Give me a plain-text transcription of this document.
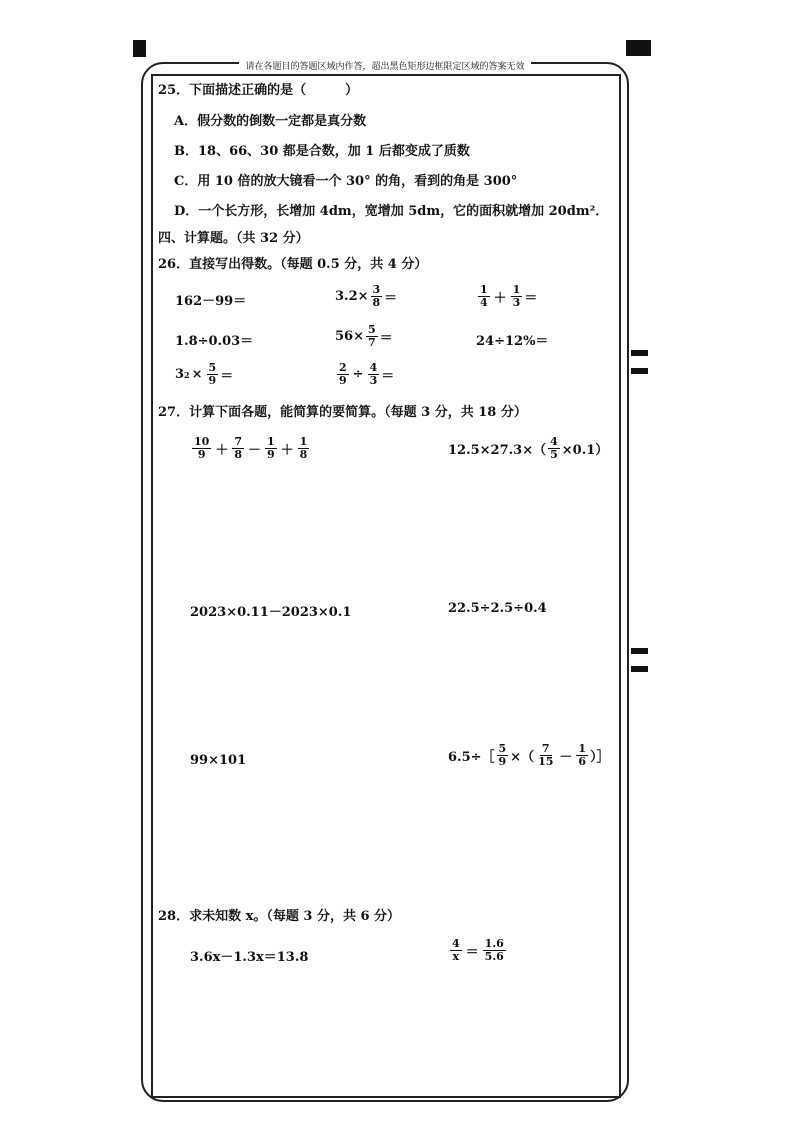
请在各题目的答题区域内作答，超出黑色矩形边框限定区域的答案无效
25．下面描述正确的是（　　　）
A．假分数的倒数一定都是真分数
B．18、66、30 都是合数，加 1 后都变成了质数
C．用 10 倍的放大镜看一个 30° 的角，看到的角是 300°
D．一个长方形，长增加 4dm，宽增加 5dm，它的面积就增加 20dm²．
四、计算题。（共 32 分）
26．直接写出得数。（每题 0.5 分，共 4 分）
162－99＝	$3.2\times \frac{3}{8}$ ＝	$\frac{1}{4} + \frac{1}{3}$ ＝
1.8÷0.03＝	$56\times \frac{5}{7}$ ＝	24÷12%＝
3 $2 \times \frac{5}{9}$ ＝	$\frac{2}{9} \div \frac{4}{3}$ ＝
27．计算下面各题，能简算的要简算。（每题 3 分，共 18 分）
$\frac{10}{9} + \frac{7}{8} - \frac{1}{9} + \frac{1}{8}$	$12.5\times 27.3\times( \frac{4}{5} \times 0.1)$
2023×0.11－2023×0.1	22.5÷2.5÷0.4
99×101	6.5÷［ $\frac{5}{9}$ ×（ $\frac{7}{15} - \frac{1}{6}$ ）］
28．求未知数 x。（每题 3 分，共 6 分）
3.6x－1.3x＝13.8	$\frac{4}{x} = \frac{1.6}{5.6}$
